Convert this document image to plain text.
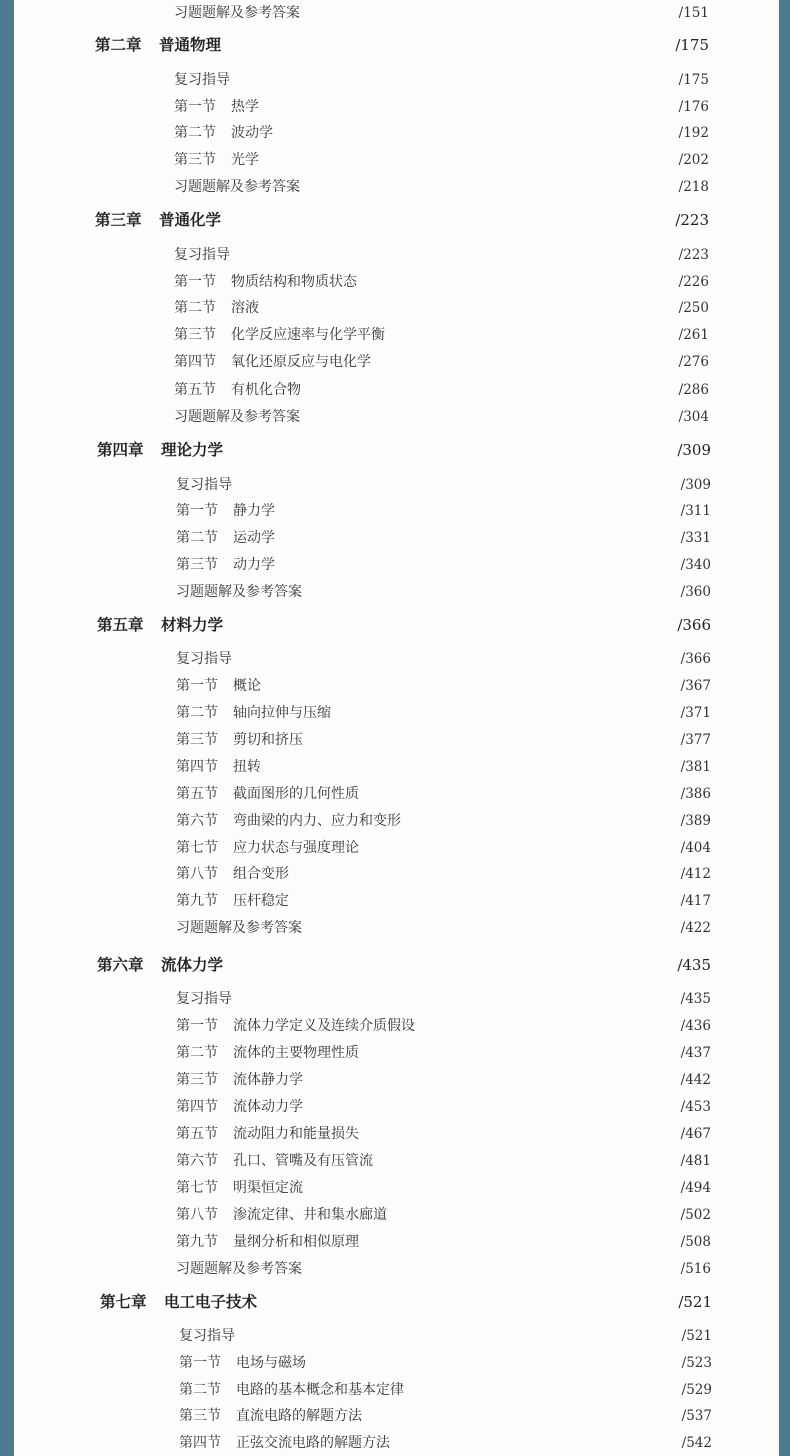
习题题解及参考答案	/151
第二章 普通物理	/175
复习指导	/175
第一节 热学	/176
第二节 波动学	/192
第三节 光学	/202
习题题解及参考答案	/218
第三章 普通化学	/223
复习指导	/223
第一节 物质结构和物质状态	/226
第二节 溶液	/250
第三节 化学反应速率与化学平衡	/261
第四节 氧化还原反应与电化学	/276
第五节 有机化合物	/286
习题题解及参考答案	/304
第四章 理论力学	/309
复习指导	/309
第一节 静力学	/311
第二节 运动学	/331
第三节 动力学	/340
习题题解及参考答案	/360
第五章 材料力学	/366
复习指导	/366
第一节 概论	/367
第二节 轴向拉伸与压缩	/371
第三节 剪切和挤压	/377
第四节 扭转	/381
第五节 截面图形的几何性质	/386
第六节 弯曲梁的内力、应力和变形	/389
第七节 应力状态与强度理论	/404
第八节 组合变形	/412
第九节 压杆稳定	/417
习题题解及参考答案	/422
第六章 流体力学	/435
复习指导	/435
第一节 流体力学定义及连续介质假设	/436
第二节 流体的主要物理性质	/437
第三节 流体静力学	/442
第四节 流体动力学	/453
第五节 流动阻力和能量损失	/467
第六节 孔口、管嘴及有压管流	/481
第七节 明渠恒定流	/494
第八节 渗流定律、井和集水廊道	/502
第九节 量纲分析和相似原理	/508
习题题解及参考答案	/516
第七章 电工电子技术	/521
复习指导	/521
第一节 电场与磁场	/523
第二节 电路的基本概念和基本定律	/529
第三节 直流电路的解题方法	/537
第四节 正弦交流电路的解题方法	/542
